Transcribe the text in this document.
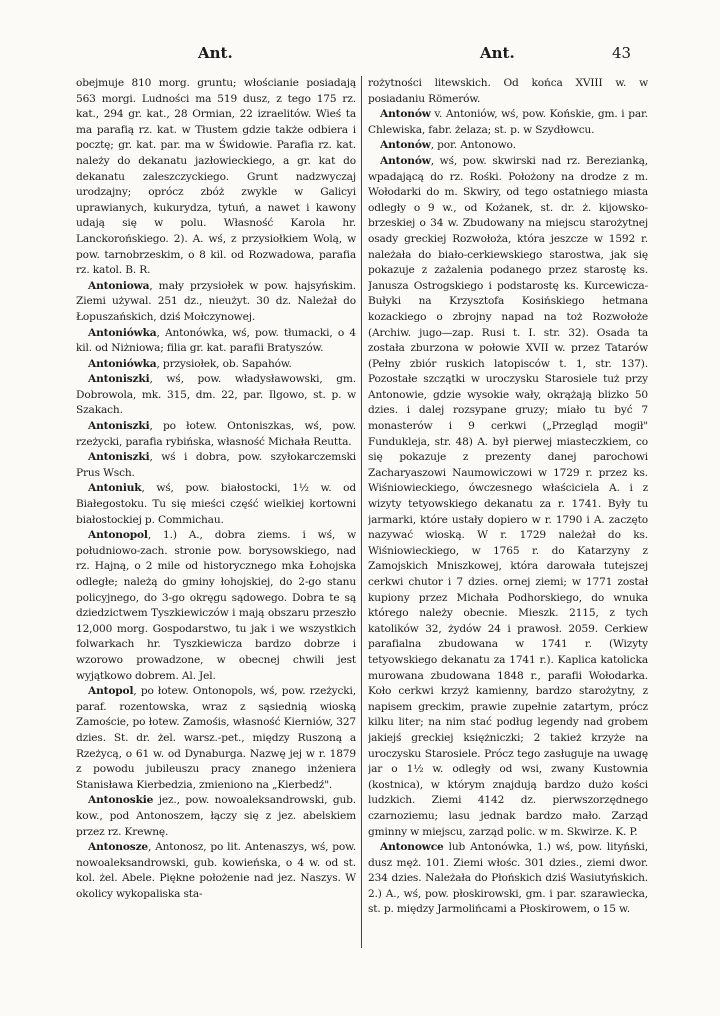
Ant.	Ant.	43

obejmuje 810 morg. gruntu; włościanie posiadają 563 morgi. Ludności ma 519 dusz, z tego 175 rz. kat., 294 gr. kat., 28 Ormian, 22 izraelitów. Wieś ta ma parafią rz. kat. w Tłustem gdzie także odbiera i pocztę; gr. kat. par. ma w Świdowie. Parafia rz. kat. należy do dekanatu jazłowieckiego, a gr. kat do dekanatu zaleszczyckiego. Grunt nadzwyczaj urodzajny; oprócz zbóż zwykle w Galicyi uprawianych, kukurydza, tytuń, a nawet i kawony udają się w polu. Własność Karola hr. Lanckorońskiego. 2). A. wś, z przysiołkiem Wolą, w pow. tarnobrzeskim, o 8 kil. od Rozwadowa, parafia rz. katol. B. R.

Antoniowa, mały przysiołek w pow. hajsyńskim. Ziemi używal. 251 dz., nieużyt. 30 dz. Należał do Łopuszańskich, dziś Mołczynowej.

Antoniówka, Antonówka, wś, pow. tłumacki, o 4 kil. od Niżniowa; filia gr. kat. parafii Bratyszów.

Antoniówka, przysiołek, ob. Sapahów.

Antoniszki, wś, pow. władysławowski, gm. Dobrowola, mk. 315, dm. 22, par. Ilgowo, st. p. w Szakach.

Antoniszki, po łotew. Ontoniszkas, wś, pow. rzeżycki, parafia rybińska, własność Michała Reutta.

Antoniszki, wś i dobra, pow. szyłokarczemski Prus Wsch.

Antoniuk, wś, pow. białostocki, 1½ w. od Białegostoku. Tu się mieści część wielkiej kortowni białostockiej p. Commichau.

Antonopol, 1.) A., dobra ziems. i wś, w południowo-zach. stronie pow. borysowskiego, nad rz. Hajną, o 2 mile od historycznego mka Łohojska odległe; należą do gminy łohojskiej, do 2-go stanu policyjnego, do 3-go okręgu sądowego. Dobra te są dziedzictwem Tyszkiewiczów i mają obszaru przeszło 12,000 morg. Gospodarstwo, tu jak i we wszystkich folwarkach hr. Tyszkiewicza bardzo dobrze i wzorowo prowadzone, w obecnej chwili jest wyjątkowo dobrem. Al. Jel.

Antopol, po łotew. Ontonopols, wś, pow. rzeżycki, paraf. rozentowska, wraz z sąsiednią wioską Zamoście, po łotew. Zamośis, własność Kierniów, 327 dzies. St. dr. żel. warsz.-pet., między Ruszoną a Rzeżycą, o 61 w. od Dynaburga. Nazwę jej w r. 1879 z powodu jubileuszu pracy znanego inżeniera Stanisława Kierbedzia, zmieniono na „Kierbedź".

Antonoskie jez., pow. nowoaleksandrowski, gub. kow., pod Antonoszem, łączy się z jez. abelskiem przez rz. Krewnę.

Antonosze, Antonosz, po lit. Antenaszys, wś, pow. nowoaleksandrowski, gub. kowieńska, o 4 w. od st. kol. żel. Abele. Piękne położenie nad jez. Naszys. W okolicy wykopaliska sta-

rożytności litewskich. Od końca XVIII w. w posiadaniu Römerów.

Antonów v. Antoniów, wś, pow. Końskie, gm. i par. Chlewiska, fabr. żelaza; st. p. w Szydłowcu.

Antonów, por. Antonowo.

Antonów, wś, pow. skwirski nad rz. Berezianką, wpadającą do rz. Rośki. Położony na drodze z m. Wołodarki do m. Skwiry, od tego ostatniego miasta odległy o 9 w., od Kożanek, st. dr. ż. kijowsko-brzeskiej o 34 w. Zbudowany na miejscu starożytnej osady greckiej Rozwołoża, która jeszcze w 1592 r. należała do biało-cerkiewskiego starostwa, jak się pokazuje z zażalenia podanego przez starostę ks. Janusza Ostrogskiego i podstarostę ks. Kurcewicza-Bułyki na Krzysztofa Kosińskiego hetmana kozackiego o zbrojny napad na toż Rozwołoże (Archiw. jugo—zap. Rusi t. I. str. 32). Osada ta została zburzona w połowie XVII w. przez Tatarów (Pełny zbiór ruskich latopisców t. 1, str. 137). Pozostałe szczątki w uroczysku Starosiele tuż przy Antonowie, gdzie wysokie wały, okrążają blizko 50 dzies. i dalej rozsypane gruzy; miało tu być 7 monasterów i 9 cerkwi („Przegląd mogił" Fundukleja, str. 48) A. był pierwej miasteczkiem, co się pokazuje z prezenty danej parochowi Zacharyaszowi Naumowiczowi w 1729 r. przez ks. Wiśniowieckiego, ówczesnego właściciela A. i z wizyty tetyowskiego dekanatu za r. 1741. Były tu jarmarki, które ustały dopiero w r. 1790 i A. zaczęto nazywać wioską. W r. 1729 należał do ks. Wiśniowieckiego, w 1765 r. do Katarzyny z Zamojskich Mniszkowej, która darowała tutejszej cerkwi chutor i 7 dzies. ornej ziemi; w 1771 został kupiony przez Michała Podhorskiego, do wnuka którego należy obecnie. Mieszk. 2115, z tych katolików 32, żydów 24 i prawosł. 2059. Cerkiew parafialna zbudowana w 1741 r. (Wizyty tetyowskiego dekanatu za 1741 r.). Kaplica katolicka murowana zbudowana 1848 r., parafii Wołodarka. Koło cerkwi krzyż kamienny, bardzo starożytny, z napisem greckim, prawie zupełnie zatartym, prócz kilku liter; na nim stać podług legendy nad grobem jakiejś greckiej księżniczki; 2 takież krzyże na uroczysku Starosiele. Prócz tego zasługuje na uwagę jar o 1½ w. odległy od wsi, zwany Kustownia (kostnica), w którym znajdują bardzo dużo kości ludzkich. Ziemi 4142 dz. pierwszorzędnego czarnoziemu; lasu jednak bardzo mało. Zarząd gminny w miejscu, zarząd polic. w m. Skwirze. K. P.

Antonowce lub Antonówka, 1.) wś, pow. lityński, dusz męż. 101. Ziemi włośc. 301 dzies., ziemi dwor. 234 dzies. Należała do Płońskich dziś Wasiutyńskich. 2.) A., wś, pow. płoskirowski, gm. i par. szarawiecka, st. p. między Jarmolińcami a Płoskirowem, o 15 w.
